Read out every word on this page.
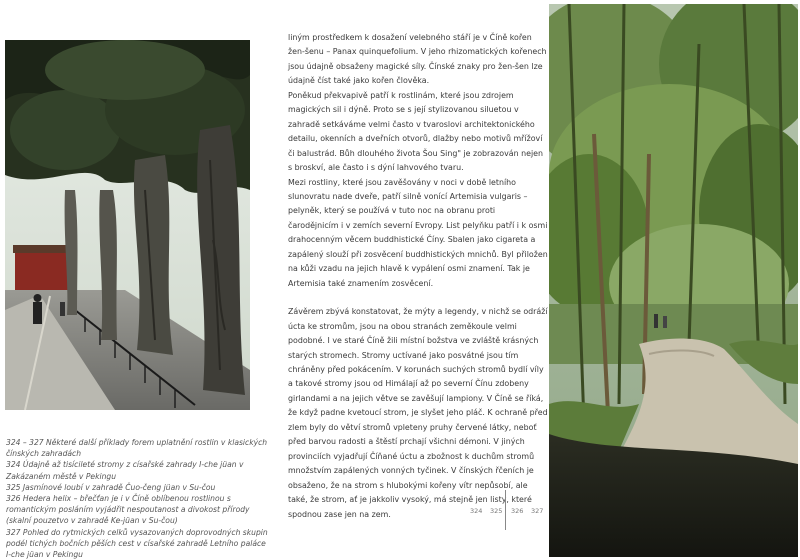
324 – 327 Některé další příklady forem uplatnění rostlin v klasických čínských zahradách
324 Údajně až tisícileté stromy z císařské zahrady I-che jüan v Zakázaném městě v Pekingu
325 Jasmínové loubí v zahradě Čuo-čeng jüan v Su-čou
326 Hedera helix – břečťan je i v Číně oblíbenou rostlinou s romantickým posláním vyjádřit nespoutanost a divokost přírody (skalní pouzetvo v zahradě Ke-jüan v Su-čou)
327 Pohled do rytmických celků vysazovaných doprovodných skupin podél tichých bočních pěších cest v císařské zahradě Letního paláce I-che jüan v Pekingu

liným prostředkem k dosažení velebného stáří je v Číně kořen žen-šenu – Panax quinquefolium. V jeho rhizomatických kořenech jsou údajně obsaženy magické síly. Čínské znaky pro žen-šen lze údajně číst také jako kořen člověka.

Poněkud překvapivě patří k rostlinám, které jsou zdrojem magických sil i dýně. Proto se s její stylizovanou siluetou v zahradě setkáváme velmi často v tvaroslovi architektonického detailu, okenních a dveřních otvorů, dlažby nebo motivů mřížoví či balustrád. Bůh dlouhého života Šou Sing" je zobrazován nejen s broskví, ale často i s dýní lahvového tvaru.

Mezi rostliny, které jsou zavěšovány v noci v době letního slunovratu nade dveře, patří silně vonící Artemisia vulgaris – pelyněk, který se používá v tuto noc na obranu proti čarodějnicím i v zemích severní Evropy. List pelyňku patří i k osmi drahocenným věcem buddhistické Číny. Sbalen jako cigareta a zapálený slouží při zosvěcení buddhistických mnichů. Byl přiložen na kůži vzadu na jejich hlavě k vypálení osmi znamení. Tak je Artemisia také znamením zosvěcení.

Závěrem zbývá konstatovat, že mýty a legendy, v nichž se odráží úcta ke stromům, jsou na obou stranách zeměkoule velmi podobné. I ve staré Číně žili místní božstva ve zvláště krásných starých stromech. Stromy uctívané jako posvátné jsou tím chráněny před pokácením. V korunách suchých stromů bydlí víly a takové stromy jsou od Himálají až po severní Čínu zdobeny girlandami a na jejich větve se zavěšují lampiony. V Číně se říká, že když padne kvetoucí strom, je slyšet jeho pláč. K ochraně před zlem byly do větví stromů vpleteny pruhy červené látky, neboť před barvou radosti a štěstí prchají všichni démoni. V jiných provinciích vyjadřují Číňané úctu a zbožnost k duchům stromů množstvím zapálených vonných tyčinek. V čínských řčeních je obsaženo, že na strom s hlubokými kořeny vítr nepůsobí, ale také, že strom, ať je jakkoliv vysoký, má stejně jen listy, které spodnou zase jen na zem.	324 325 326 327
